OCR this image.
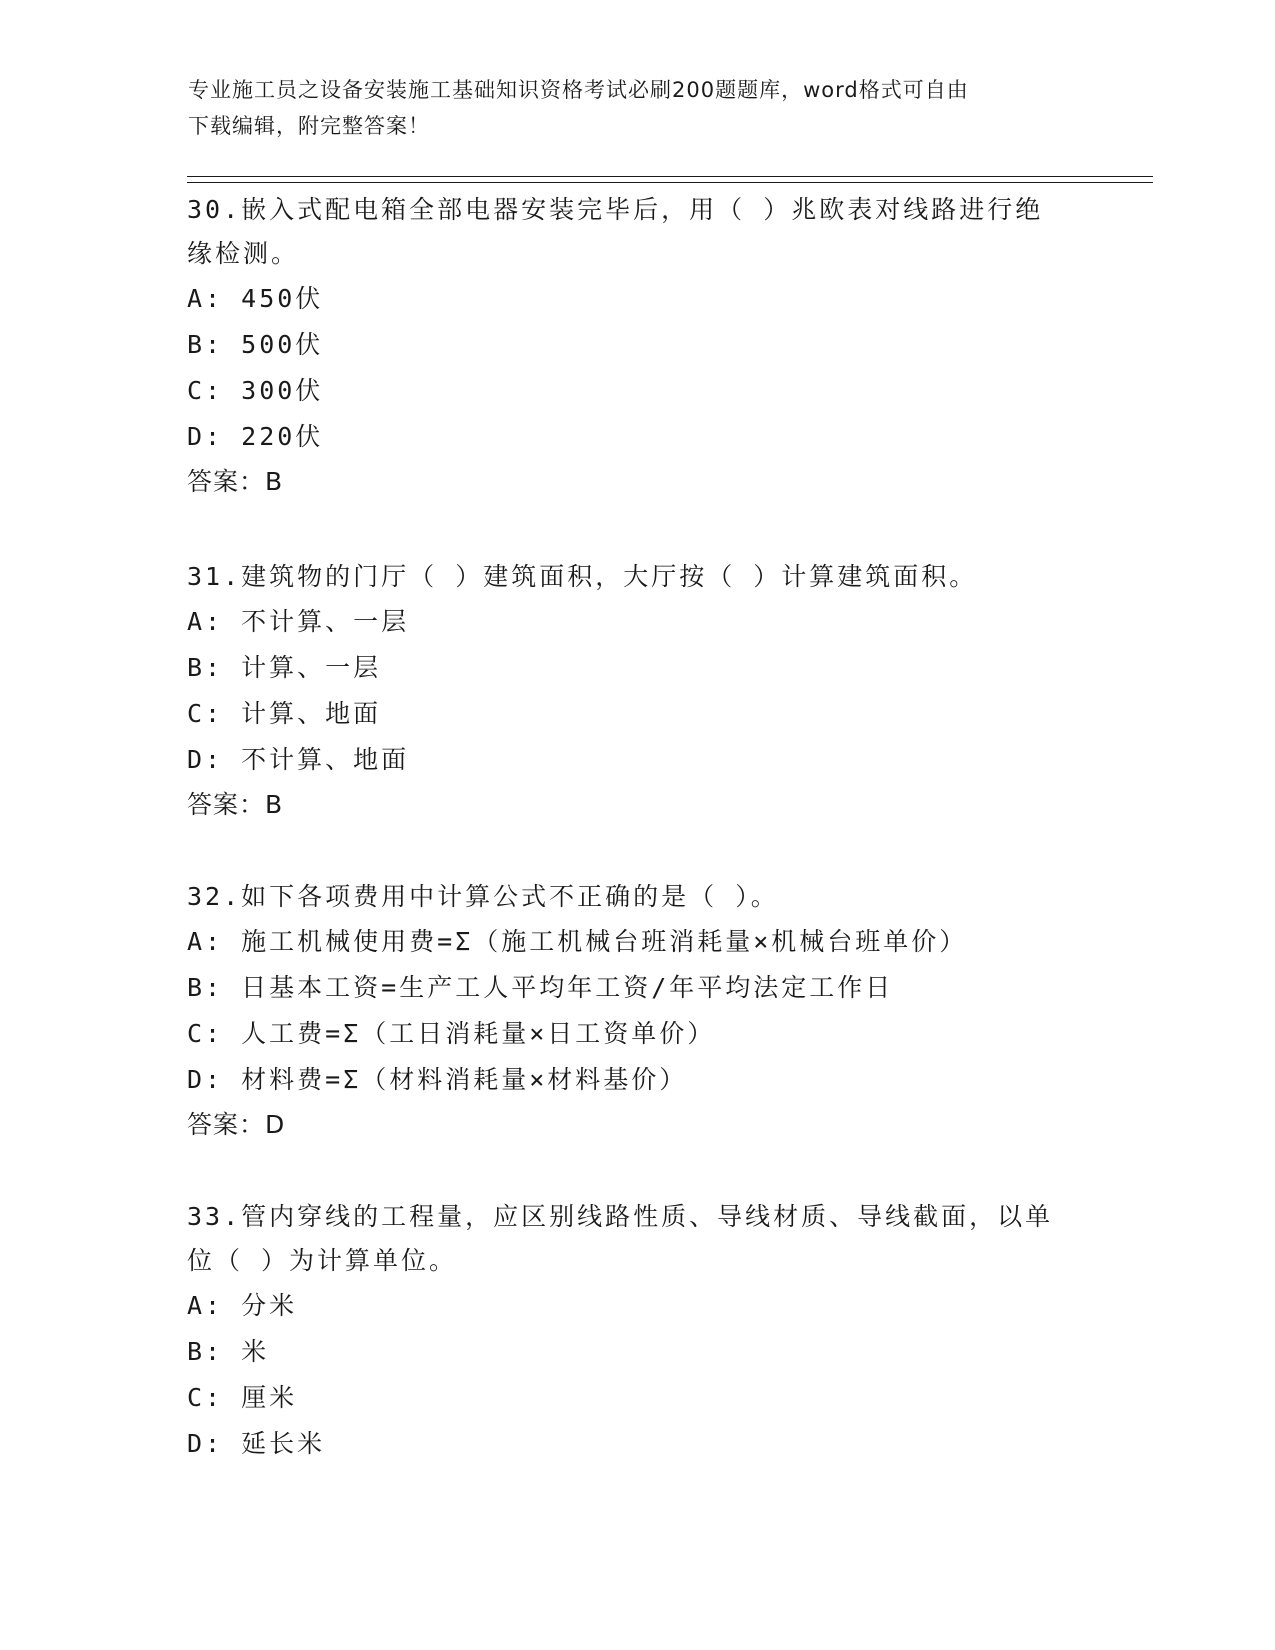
专业施工员之设备安装施工基础知识资格考试必刷200题题库，word格式可自由
下载编辑，附完整答案！

30.嵌入式配电箱全部电器安装完毕后，用（ ）兆欧表对线路进行绝

缘检测。

A: 450伏

B: 500伏

C: 300伏

D: 220伏

答案：B

31.建筑物的门厅（ ）建筑面积，大厅按（ ）计算建筑面积。

A: 不计算、一层

B: 计算、一层

C: 计算、地面

D: 不计算、地面

答案：B

32.如下各项费用中计算公式不正确的是（ ）。

A: 施工机械使用费=Σ（施工机械台班消耗量×机械台班单价）

B: 日基本工资=生产工人平均年工资/年平均法定工作日

C: 人工费=Σ（工日消耗量×日工资单价）

D: 材料费=Σ（材料消耗量×材料基价）

答案：D

33.管内穿线的工程量，应区别线路性质、导线材质、导线截面，以单

位（ ）为计算单位。

A: 分米

B: 米

C: 厘米

D: 延长米
